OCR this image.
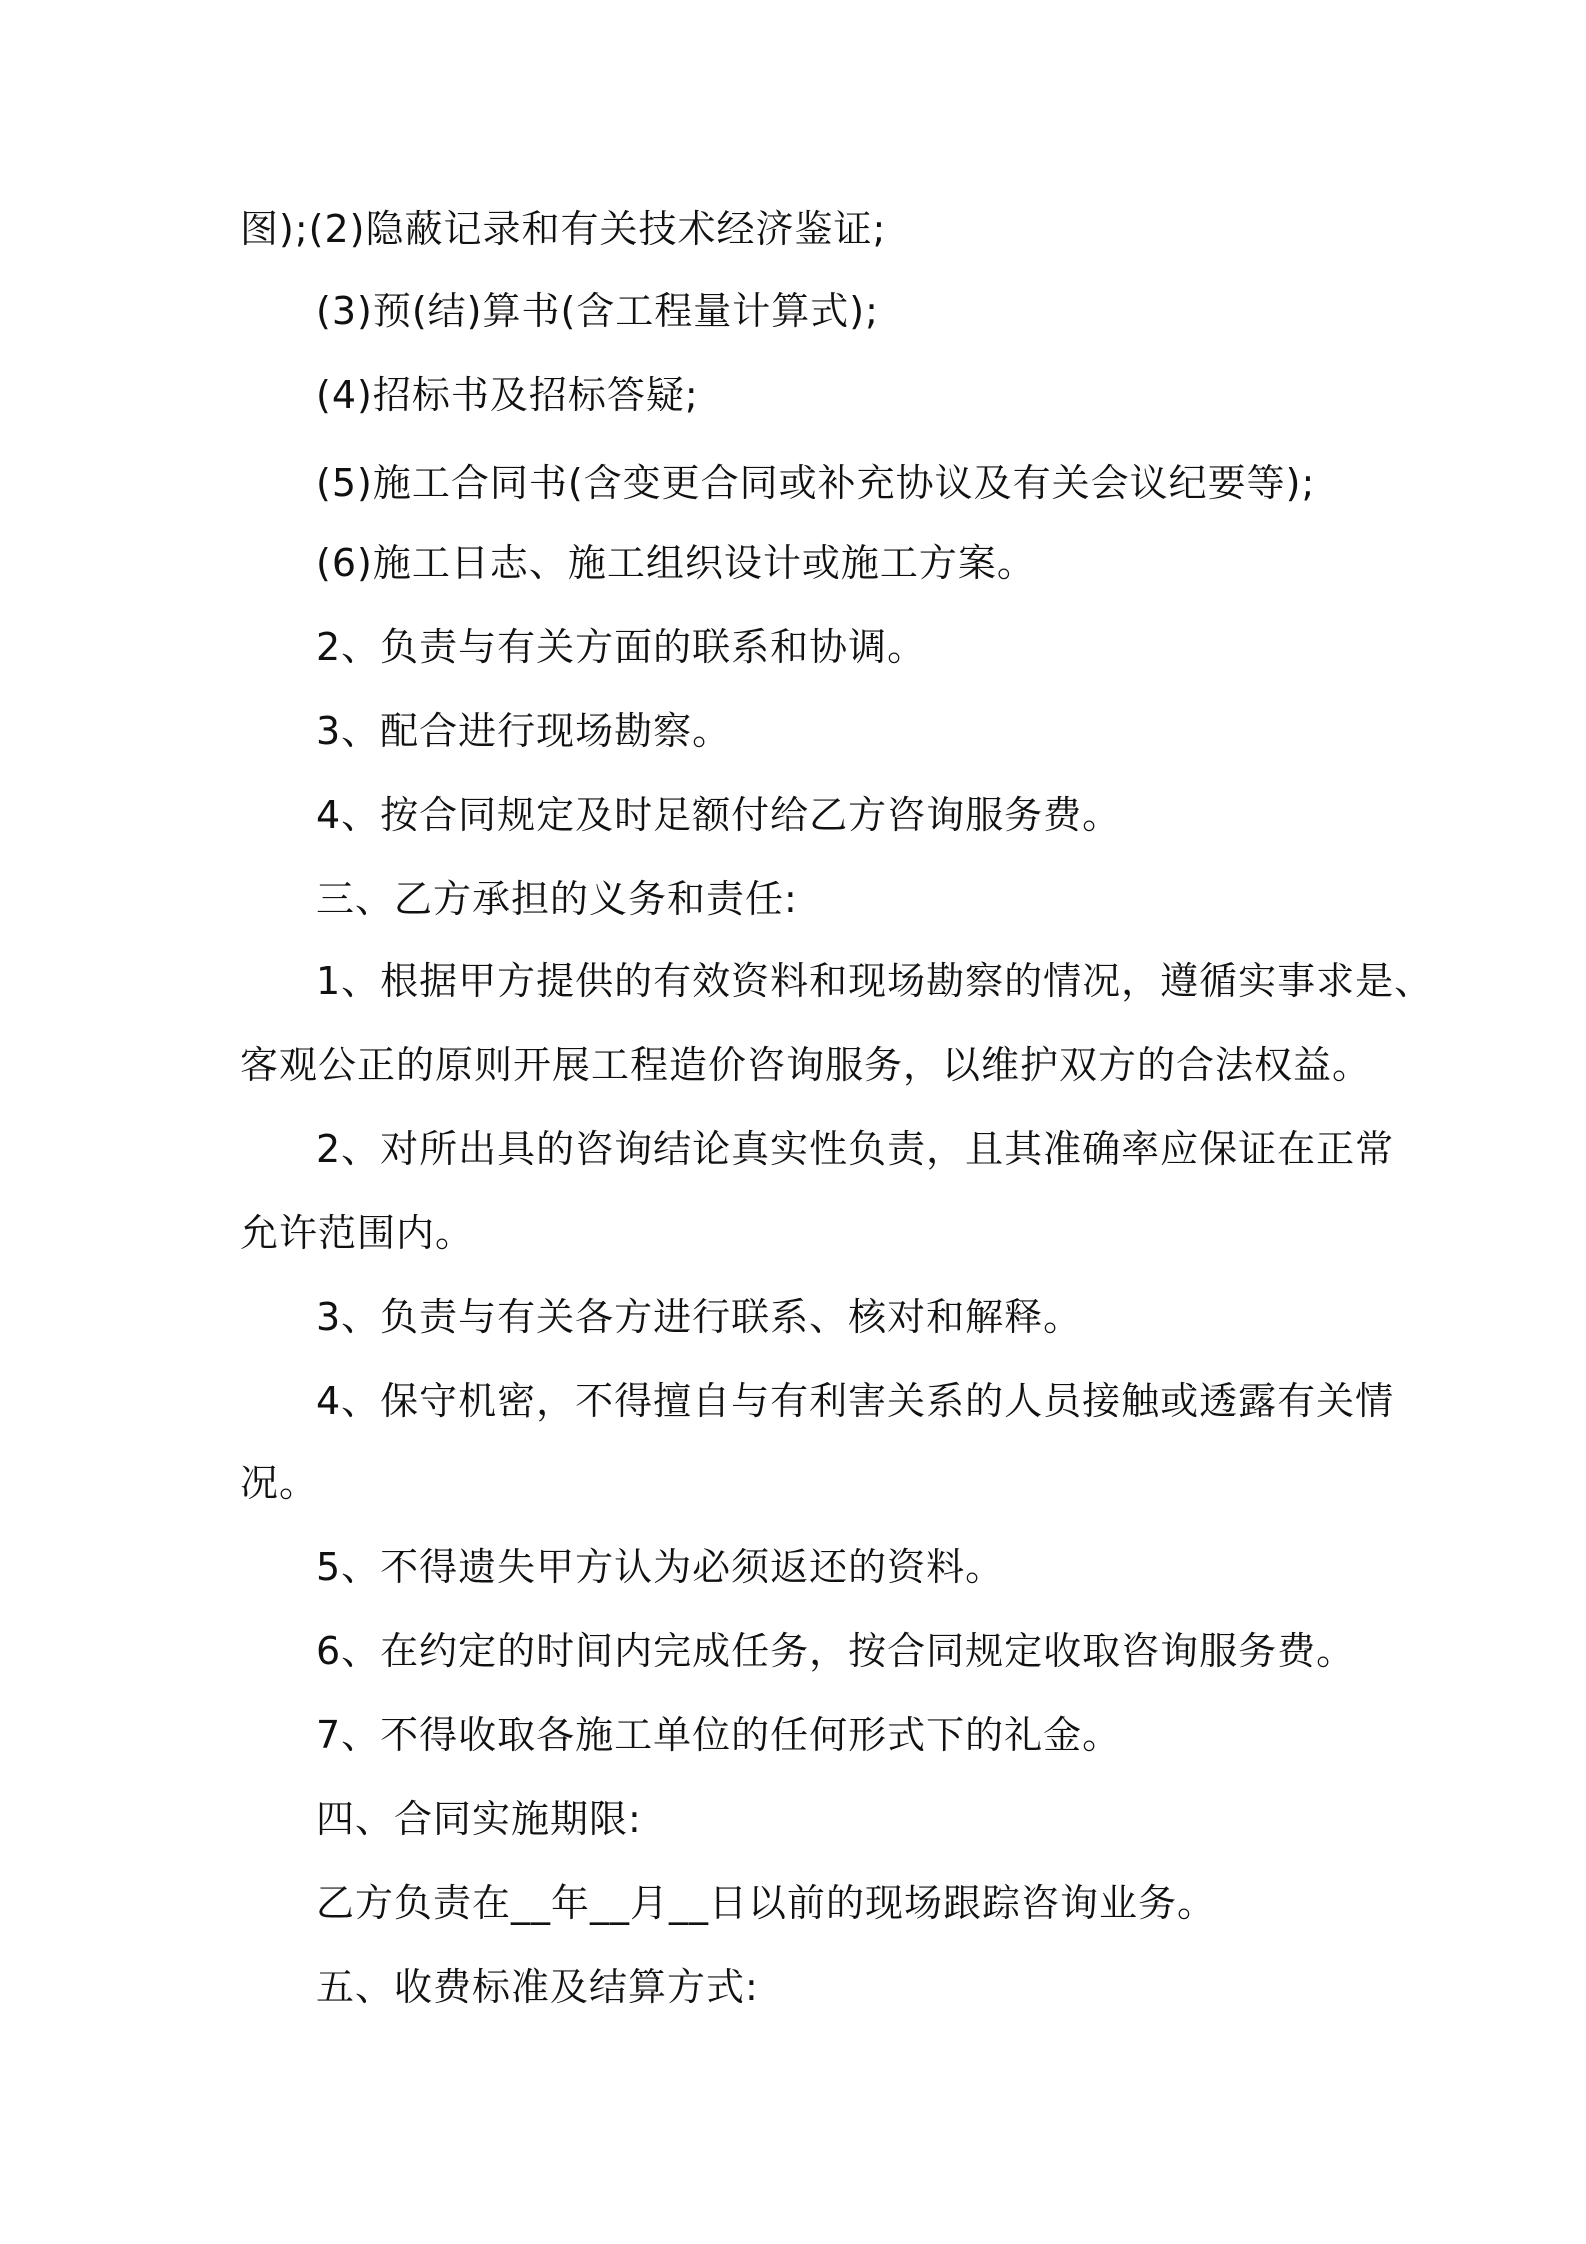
图);(2)隐蔽记录和有关技术经济鉴证;
(3)预(结)算书(含工程量计算式);
(4)招标书及招标答疑;
(5)施工合同书(含变更合同或补充协议及有关会议纪要等);
(6)施工日志、施工组织设计或施工方案。
2、负责与有关方面的联系和协调。
3、配合进行现场勘察。
4、按合同规定及时足额付给乙方咨询服务费。
三、乙方承担的义务和责任:
1、根据甲方提供的有效资料和现场勘察的情况，遵循实事求是、
客观公正的原则开展工程造价咨询服务，以维护双方的合法权益。
2、对所出具的咨询结论真实性负责，且其准确率应保证在正常
允许范围内。
3、负责与有关各方进行联系、核对和解释。
4、保守机密，不得擅自与有利害关系的人员接触或透露有关情
况。
5、不得遗失甲方认为必须返还的资料。
6、在约定的时间内完成任务，按合同规定收取咨询服务费。
7、不得收取各施工单位的任何形式下的礼金。
四、合同实施期限:
乙方负责在__年__月__日以前的现场跟踪咨询业务。
五、收费标准及结算方式:
